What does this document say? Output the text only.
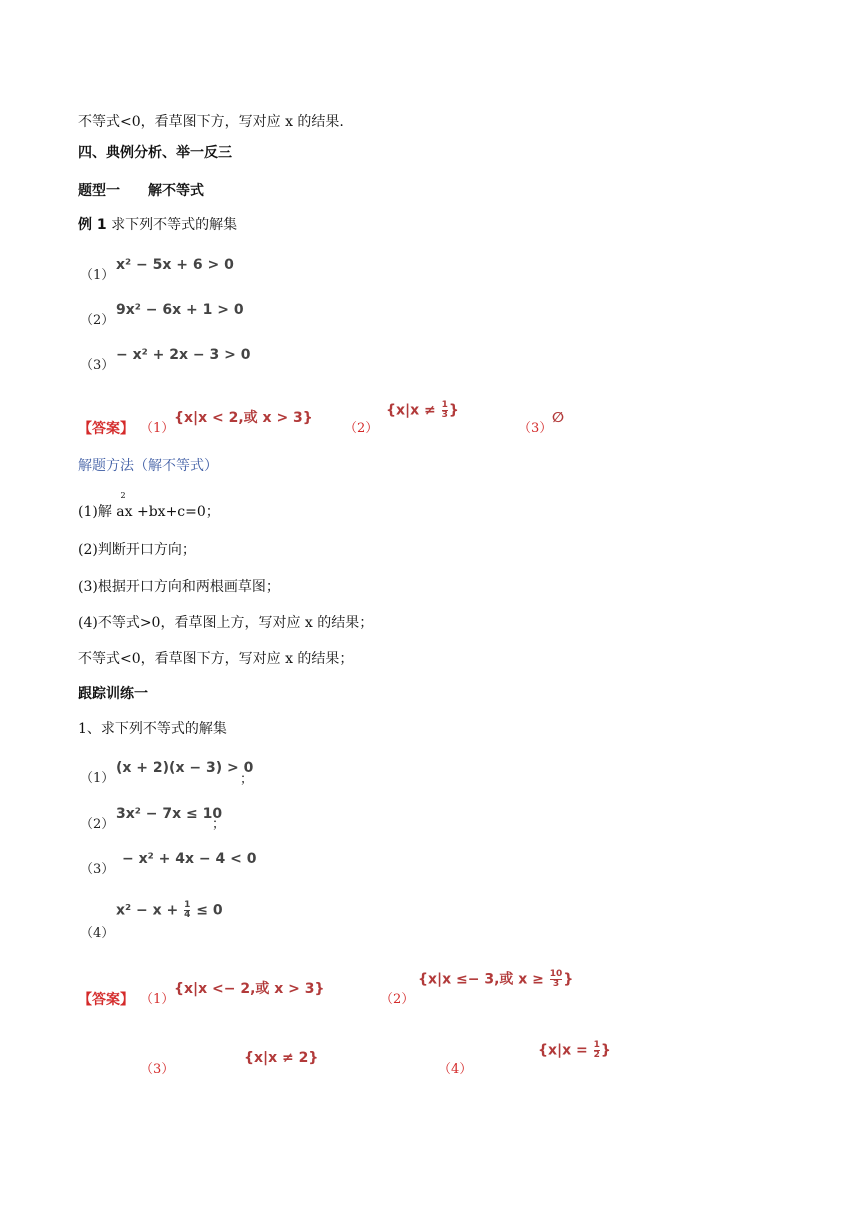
不等式<0，看草图下方，写对应 x 的结果.
四、典例分析、举一反三
题型一　　解不等式
例 1 求下列不等式的解集
（1）
x² − 5x + 6 > 0
（2）
9x² − 6x + 1 > 0
（3）
− x² + 2x − 3 > 0
【答案】 （1）
{x|x < 2,或 x > 3}
（2）
{$x|x \ne \frac{1}{3}$ }
（3）
∅
解题方法（解不等式）
(1)解 ax
2
+bx+c=0；
(2)判断开口方向；
(3)根据开口方向和两根画草图；
(4)不等式>0，看草图上方，写对应 x 的结果；
不等式<0，看草图下方，写对应 x 的结果；
跟踪训练一
1、求下列不等式的解集
（1）
(x + 2)(x − 3) > 0
；
（2）
3x² − 7x ≤ 10
；
（3）
− x² + 4x − 4 < 0
（4）
$x^2 - x + \frac{1}{4} \le 0$
【答案】 （1）
{x|x <− 2,或 x > 3}
（2）
{x|x ≤− 3,或 $x \ge \frac{10}{3}$ }
（3）
{x|x ≠ 2}
（4）
{$x|x = \frac{1}{2}$ }
